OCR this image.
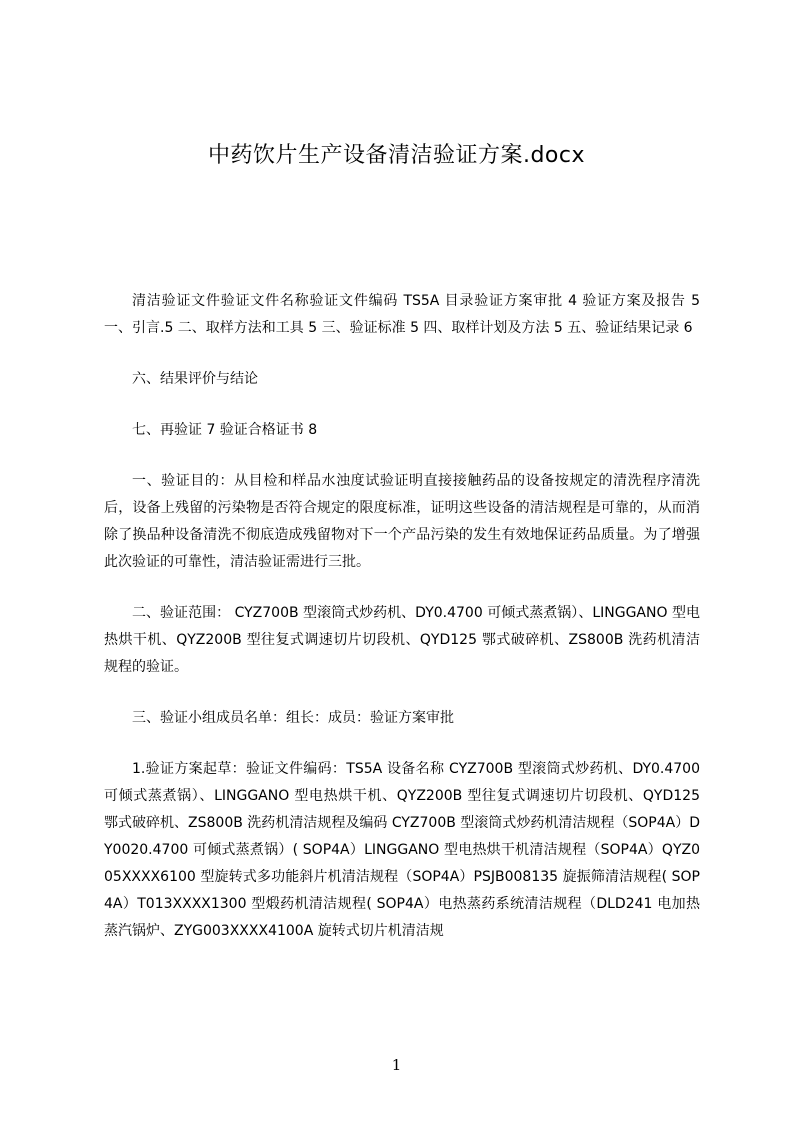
中药饮片生产设备清洁验证方案.docx

清洁验证文件验证文件名称验证文件编码 TS5A 目录验证方案审批 4 验证方案及报告 5 一、引言.5 二、取样方法和工具 5 三、验证标准 5 四、取样计划及方法 5 五、验证结果记录 6

六、结果评价与结论

七、再验证 7 验证合格证书 8

一、验证目的：从目检和样品水浊度试验证明直接接触药品的设备按规定的清洗程序清洗后，设备上残留的污染物是否符合规定的限度标准，证明这些设备的清洁规程是可靠的，从而消除了换品种设备清洗不彻底造成残留物对下一个产品污染的发生有效地保证药品质量。为了增强此次验证的可靠性，清洁验证需进行三批。

二、验证范围： CYZ700B 型滚筒式炒药机、DY0.4700 可倾式蒸煮锅）、LINGGANO 型电热烘干机、QYZ200B 型往复式调速切片切段机、QYD125 鄂式破碎机、ZS800B 洗药机清洁规程的验证。

三、验证小组成员名单：组长：成员：验证方案审批

1.验证方案起草：验证文件编码：TS5A 设备名称 CYZ700B 型滚筒式炒药机、DY0.4700 可倾式蒸煮锅）、LINGGANO 型电热烘干机、QYZ200B 型往复式调速切片切段机、QYD125 鄂式破碎机、ZS800B 洗药机清洁规程及编码 CYZ700B 型滚筒式炒药机清洁规程（SOP4A）DY0020.4700 可倾式蒸煮锅）( SOP4A）LINGGANO 型电热烘干机清洁规程（SOP4A）QYZ005XXXX6100 型旋转式多功能斜片机清洁规程（SOP4A）PSJB008135 旋振筛清洁规程( SOP4A）T013XXXX1300 型煅药机清洁规程( SOP4A）电热蒸药系统清洁规程（DLD241 电加热蒸汽锅炉、ZYG003XXXX4100A 旋转式切片机清洁规

1
